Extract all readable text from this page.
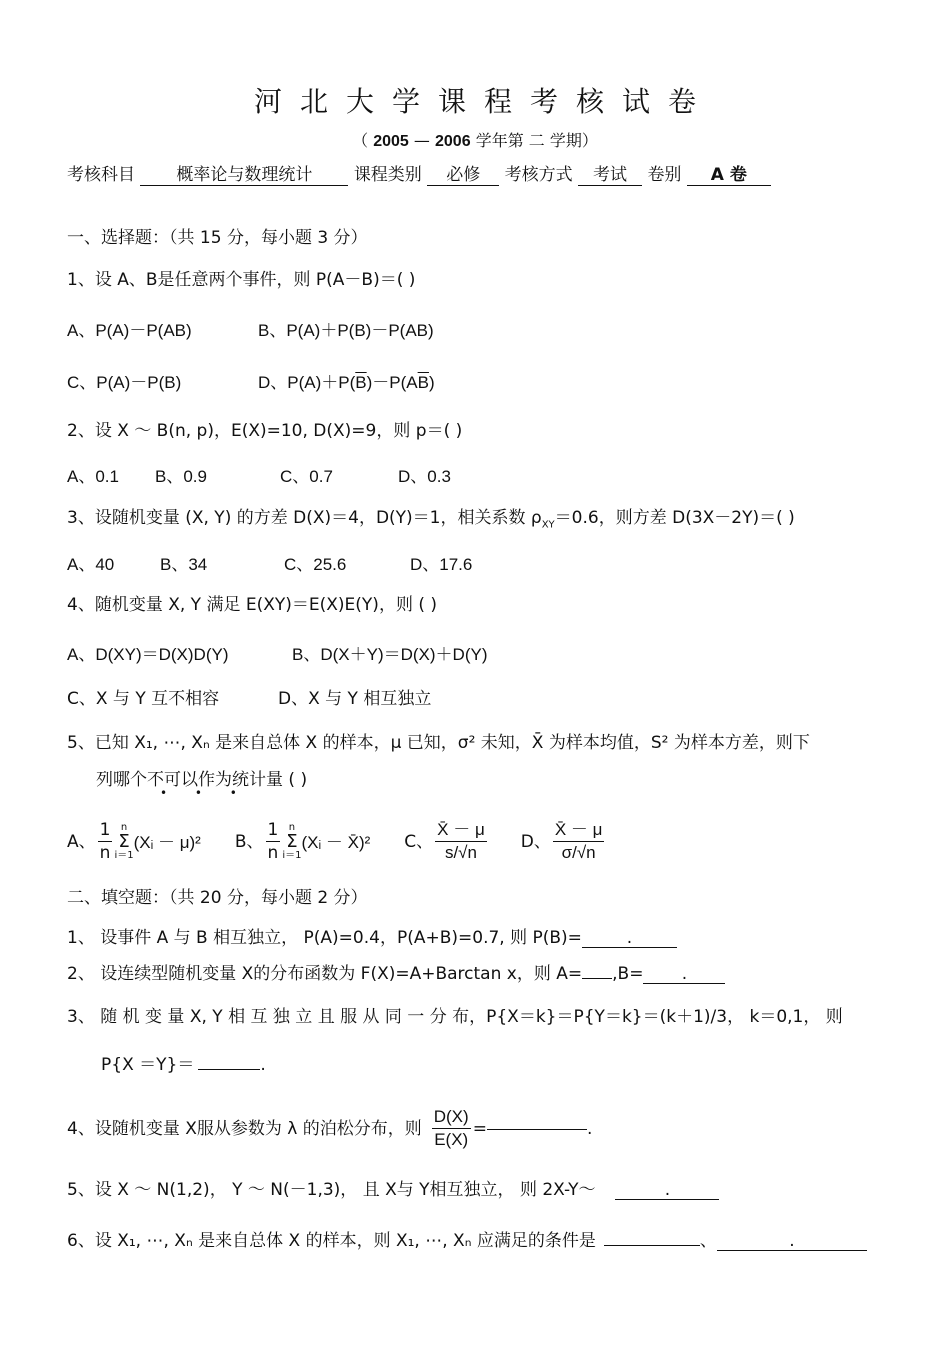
河北大学课程考核试卷
（ 2005 — 2006 学年第 二 学期）
考核科目 概率论与数理统计 课程类别 必修 考核方式 考试 卷别 A 卷
一、选择题：（共 15 分，每小题 3 分）
1、设 A、B是任意两个事件，则 P(A－B)＝( )
A、P(A)－P(AB)	B、P(A)＋P(B)－P(AB)
C、P(A)－P(B)	D、$P(A)+P(\overline{B})-P(A\overline{B})$
2、设 X ～ B(n, p)，E(X)=10, D(X)=9，则 p＝( )
A、0.1 B、0.9	C、0.7	D、0.3
3、设随机变量 (X, Y) 的方差 D(X)＝4，D(Y)＝1，相关系数 $\rho_{XY}=0.6$，则方差 D(3X－2Y)＝( )
A、40	B、34	C、25.6	D、17.6
4、随机变量 X, Y 满足 E(XY)＝E(X)E(Y)，则 ( )
A、D(XY)＝D(X)D(Y)	B、D(X＋Y)＝D(X)＋D(Y)
C、X 与 Y 互不相容	D、X 与 Y 相互独立
5、已知 X₁, ⋯, Xₙ 是来自总体 X 的样本，μ 已知，σ² 未知，X̄ 为样本均值，S² 为样本方差，则下
列哪个不可以作为统计量 ( )
• • •
A、 $\frac{1}{n}$ n
Σ
i＝1
(Xᵢ － μ)² B、 $\frac{1}{n}$ n
Σ
i＝1
(Xᵢ － X̄)² C、 $\frac{X̄ - \mu}{s/√n}$ D、 $\frac{X̄ - \mu}{\sigma/√n}$
二、填空题：（共 20 分，每小题 2 分）
1、 设事件 A 与 B 相互独立， P(A)=0.4，P(A+B)=0.7, 则 P(B)=	.
2、 设连续型随机变量 X的分布函数为 F(X)=A+Barctan x，则 A= ,B= .
3、 随 机 变 量 X, Y 相 互 独 立 且 服 从 同 一 分 布，P{X＝k}＝P{Y＝k}＝(k＋1)/3， k＝0,1， 则
P{X ＝Y}＝	.
4、设随机变量 X服从参数为 λ 的泊松分布，则 $\frac{D(X)}{E(X)}$ =	.
5、设 X ～ N(1,2)， Y ～ N(－1,3)， 且 X与 Y相互独立， 则 2X-Y～	.
6、设 X₁, ⋯, Xₙ 是来自总体 X 的样本，则 X₁, ⋯, Xₙ 应满足的条件是	、	.
